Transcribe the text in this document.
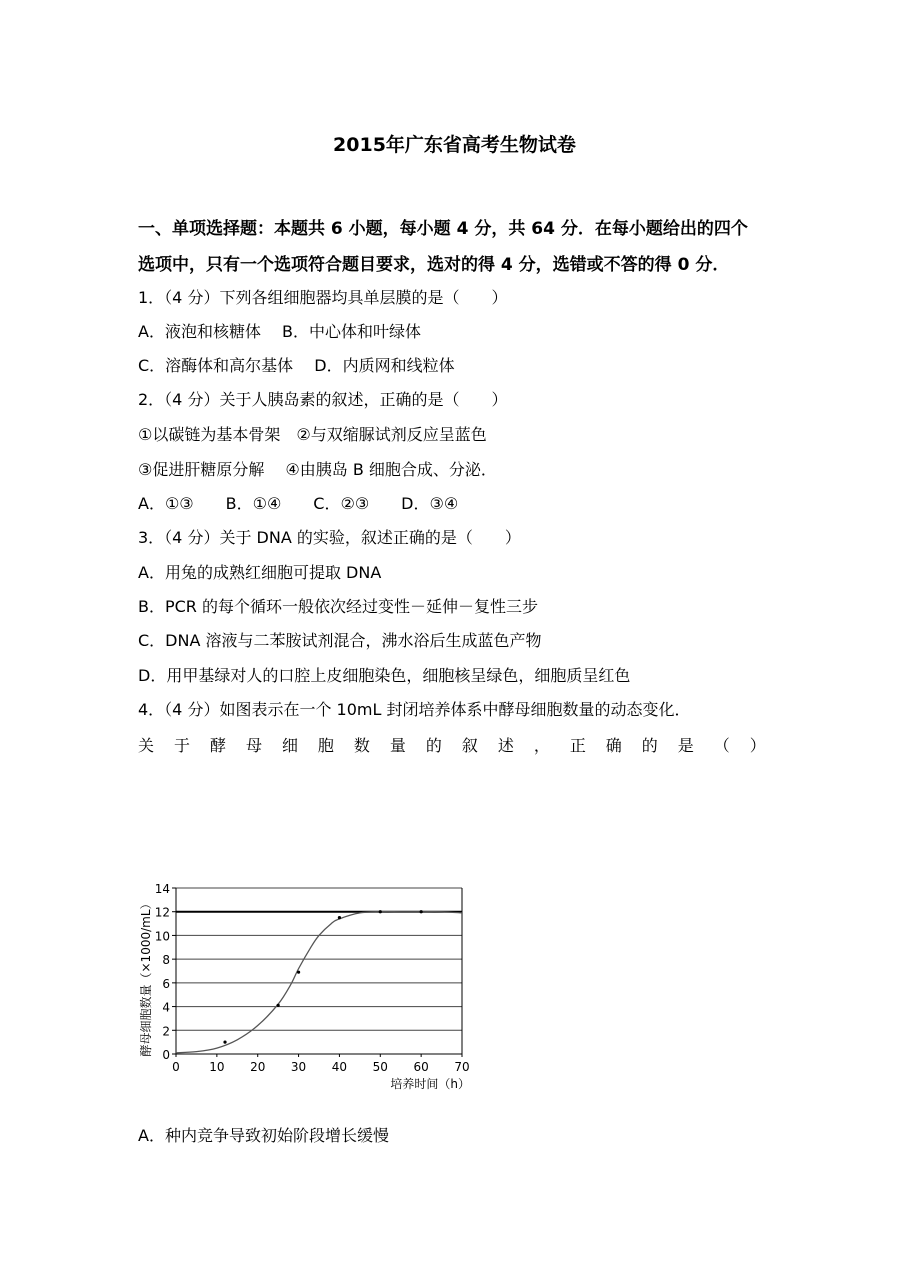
2015年广东省高考生物试卷
一、单项选择题：本题共 6 小题，每小题 4 分，共 64 分．在每小题给出的四个
选项中，只有一个选项符合题目要求，选对的得 4 分，选错或不答的得 0 分．
1．（4 分）下列各组细胞器均具单层膜的是（　　）
A．液泡和核糖体　 B．中心体和叶绿体
C．溶酶体和高尔基体　 D．内质网和线粒体
2．（4 分）关于人胰岛素的叙述，正确的是（　　）
①以碳链为基本骨架　②与双缩脲试剂反应呈蓝色
③促进肝糖原分解　 ④由胰岛 B 细胞合成、分泌．
A．①③　　B．①④　　C．②③　　D．③④
3．（4 分）关于 DNA 的实验，叙述正确的是（　　）
A．用兔的成熟红细胞可提取 DNA
B．PCR 的每个循环一般依次经过变性－延伸－复性三步
C．DNA 溶液与二苯胺试剂混合，沸水浴后生成蓝色产物
D．用甲基绿对人的口腔上皮细胞染色，细胞核呈绿色，细胞质呈红色
4．（4 分）如图表示在一个 10mL 封闭培养体系中酵母细胞数量的动态变化．
关 于 酵 母 细 胞 数 量 的 叙 述 ， 正 确 的 是 （ ）
0
2
4
6
8
10
12
14
0 10 20 30 40 50 60 70
培养时间（h）
酵母细胞数量（×1000/mL）
A．种内竞争导致初始阶段增长缓慢
